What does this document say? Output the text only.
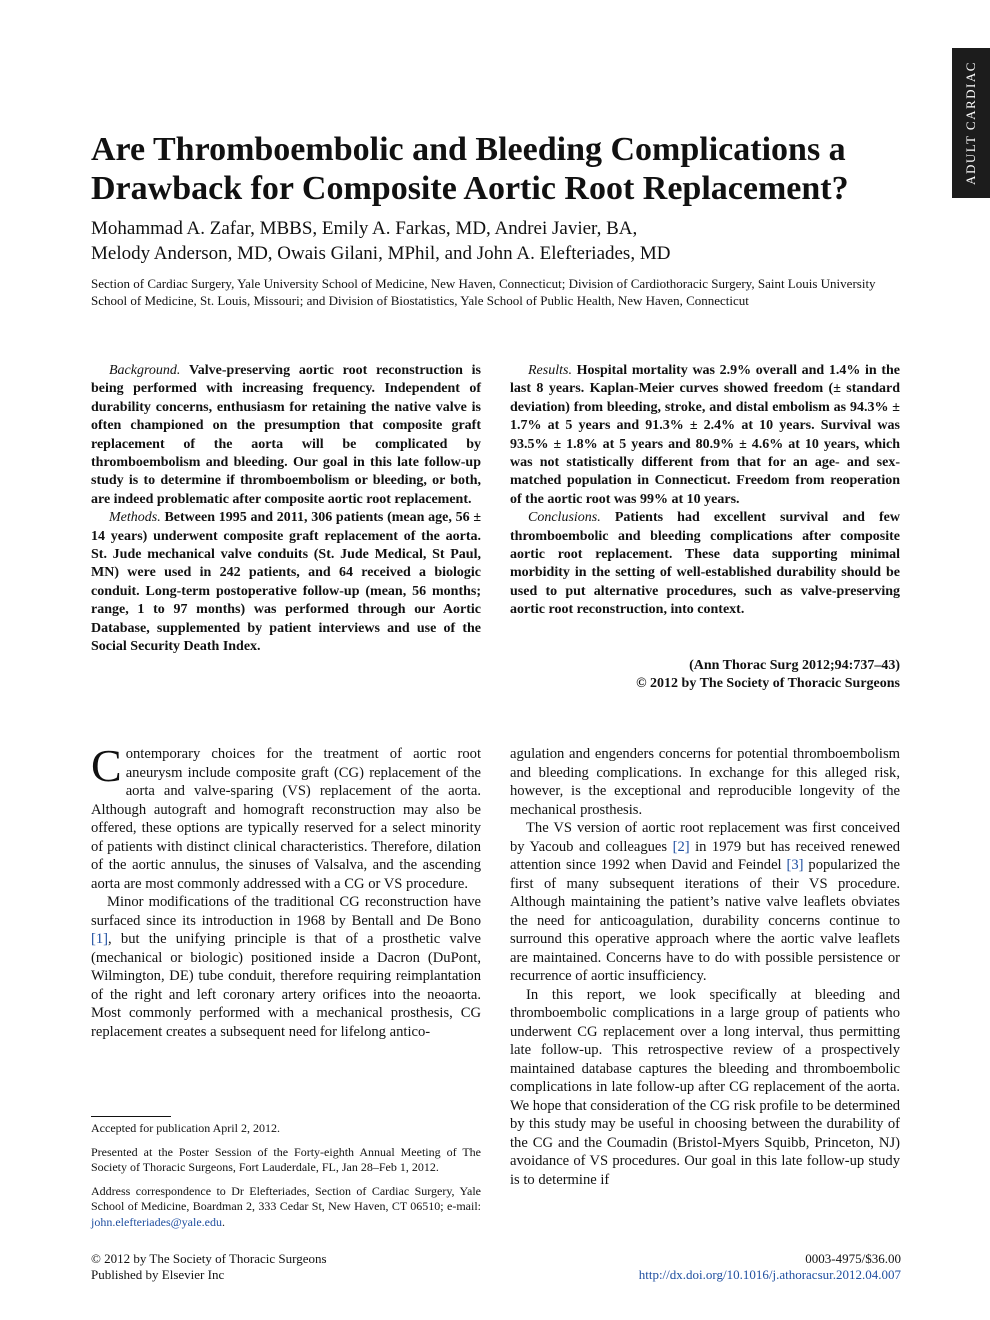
ADULT CARDIAC
Are Thromboembolic and Bleeding Complications a Drawback for Composite Aortic Root Replacement?
Mohammad A. Zafar, MBBS, Emily A. Farkas, MD, Andrei Javier, BA,
Melody Anderson, MD, Owais Gilani, MPhil, and John A. Elefteriades, MD
Section of Cardiac Surgery, Yale University School of Medicine, New Haven, Connecticut; Division of Cardiothoracic Surgery, Saint Louis University School of Medicine, St. Louis, Missouri; and Division of Biostatistics, Yale School of Public Health, New Haven, Connecticut

Background. Valve-preserving aortic root reconstruction is being performed with increasing frequency. Independent of durability concerns, enthusiasm for retaining the native valve is often championed on the presumption that composite graft replacement of the aorta will be complicated by thromboembolism and bleeding. Our goal in this late follow-up study is to determine if thromboembolism or bleeding, or both, are indeed problematic after composite aortic root replacement.

Methods. Between 1995 and 2011, 306 patients (mean age, 56 ± 14 years) underwent composite graft replacement of the aorta. St. Jude mechanical valve conduits (St. Jude Medical, St Paul, MN) were used in 242 patients, and 64 received a biologic conduit. Long-term postoperative follow-up (mean, 56 months; range, 1 to 97 months) was performed through our Aortic Database, supplemented by patient interviews and use of the Social Security Death Index.

Results. Hospital mortality was 2.9% overall and 1.4% in the last 8 years. Kaplan-Meier curves showed freedom (± standard deviation) from bleeding, stroke, and distal embolism as 94.3% ± 1.7% at 5 years and 91.3% ± 2.4% at 10 years. Survival was 93.5% ± 1.8% at 5 years and 80.9% ± 4.6% at 10 years, which was not statistically different from that for an age- and sex-matched population in Connecticut. Freedom from reoperation of the aortic root was 99% at 10 years.

Conclusions. Patients had excellent survival and few thromboembolic and bleeding complications after composite aortic root replacement. These data supporting minimal morbidity in the setting of well-established durability should be used to put alternative procedures, such as valve-preserving aortic root reconstruction, into context.

(Ann Thorac Surg 2012;94:737–43)
© 2012 by The Society of Thoracic Surgeons

Contemporary choices for the treatment of aortic root aneurysm include composite graft (CG) replacement of the aorta and valve-sparing (VS) replacement of the aorta. Although autograft and homograft reconstruction may also be offered, these options are typically reserved for a select minority of patients with distinct clinical characteristics. Therefore, dilation of the aortic annulus, the sinuses of Valsalva, and the ascending aorta are most commonly addressed with a CG or VS procedure.

Minor modifications of the traditional CG reconstruction have surfaced since its introduction in 1968 by Bentall and De Bono [1], but the unifying principle is that of a prosthetic valve (mechanical or biologic) positioned inside a Dacron (DuPont, Wilmington, DE) tube conduit, therefore requiring reimplantation of the right and left coronary artery orifices into the neoaorta. Most commonly performed with a mechanical prosthesis, CG replacement creates a subsequent need for lifelong antico-

agulation and engenders concerns for potential thromboembolism and bleeding complications. In exchange for this alleged risk, however, is the exceptional and reproducible longevity of the mechanical prosthesis.

The VS version of aortic root replacement was first conceived by Yacoub and colleagues [2] in 1979 but has received renewed attention since 1992 when David and Feindel [3] popularized the first of many subsequent iterations of their VS procedure. Although maintaining the patient’s native valve leaflets obviates the need for anticoagulation, durability concerns continue to surround this operative approach where the aortic valve leaflets are maintained. Concerns have to do with possible persistence or recurrence of aortic insufficiency.

In this report, we look specifically at bleeding and thromboembolic complications in a large group of patients who underwent CG replacement over a long interval, thus permitting late follow-up. This retrospective review of a prospectively maintained database captures the bleeding and thromboembolic complications in late follow-up after CG replacement of the aorta. We hope that consideration of the CG risk profile to be determined by this study may be useful in choosing between the durability of the CG and the Coumadin (Bristol-Myers Squibb, Princeton, NJ) avoidance of VS procedures. Our goal in this late follow-up study is to determine if

Accepted for publication April 2, 2012.

Presented at the Poster Session of the Forty-eighth Annual Meeting of The Society of Thoracic Surgeons, Fort Lauderdale, FL, Jan 28–Feb 1, 2012.

Address correspondence to Dr Elefteriades, Section of Cardiac Surgery, Yale School of Medicine, Boardman 2, 333 Cedar St, New Haven, CT 06510; e-mail: john.elefteriades@yale.edu.

© 2012 by The Society of Thoracic Surgeons
Published by Elsevier Inc
0003-4975/$36.00
http://dx.doi.org/10.1016/j.athoracsur.2012.04.007
